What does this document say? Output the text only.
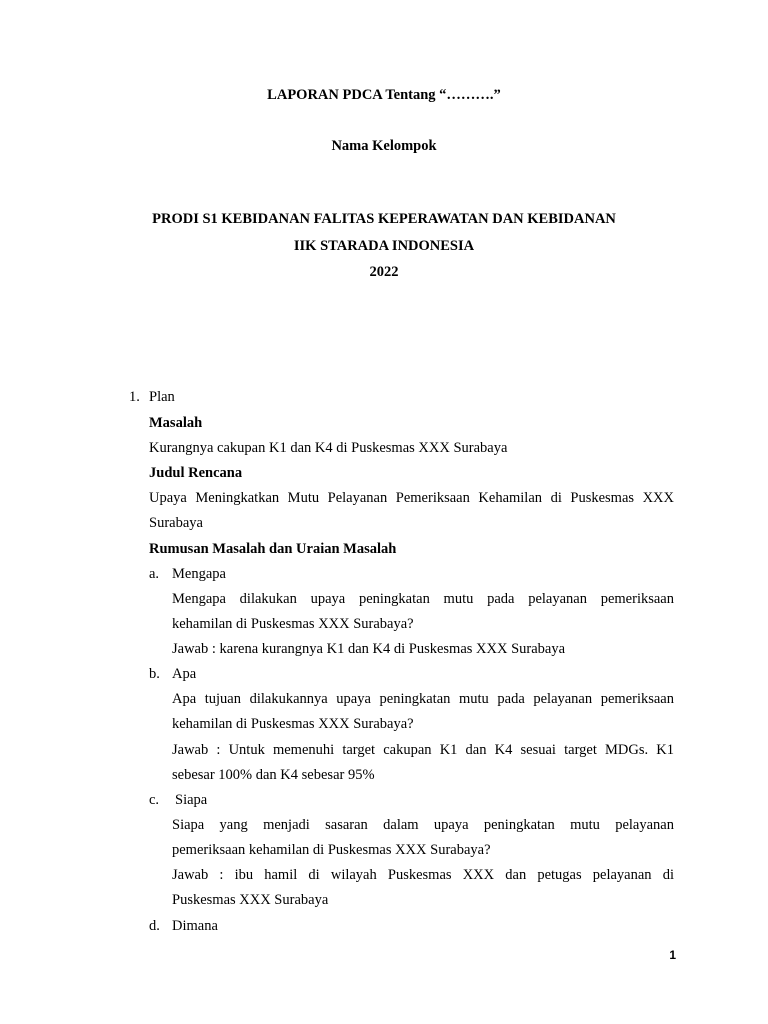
LAPORAN PDCA Tentang “……….”
Nama Kelompok
PRODI S1 KEBIDANAN FALITAS KEPERAWATAN DAN KEBIDANAN
IIK STARADA INDONESIA
2022
1. Plan
Masalah
Kurangnya cakupan K1 dan K4 di Puskesmas XXX Surabaya
Judul Rencana
Upaya Meningkatkan Mutu Pelayanan Pemeriksaan Kehamilan di Puskesmas XXX
Surabaya
Rumusan Masalah dan Uraian Masalah
a. Mengapa
Mengapa dilakukan upaya peningkatan mutu pada pelayanan pemeriksaan
kehamilan di Puskesmas XXX Surabaya?
Jawab : karena kurangnya K1 dan K4 di Puskesmas XXX Surabaya
b. Apa
Apa tujuan dilakukannya upaya peningkatan mutu pada pelayanan pemeriksaan
kehamilan di Puskesmas XXX Surabaya?
Jawab : Untuk memenuhi target cakupan K1 dan K4 sesuai target MDGs. K1
sebesar 100% dan K4 sebesar 95%
c. Siapa
Siapa yang menjadi sasaran dalam upaya peningkatan mutu pelayanan
pemeriksaan kehamilan di Puskesmas XXX Surabaya?
Jawab : ibu hamil di wilayah Puskesmas XXX dan petugas pelayanan di
Puskesmas XXX Surabaya
d. Dimana
1
